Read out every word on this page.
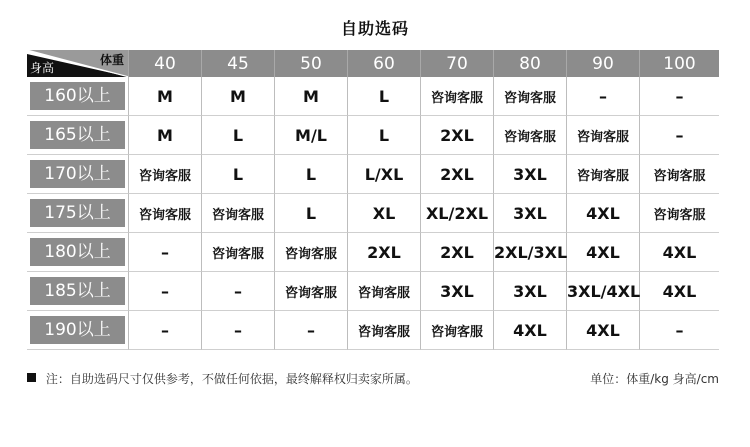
自助选码
体重
身高	40	45	50	60	70	80	90	100

160以上	M	M	M	L	咨询客服	咨询客服	–	–

165以上	M	L	M/L	L	2XL	咨询客服	咨询客服	–

170以上	咨询客服	L	L	L/XL	2XL	3XL	咨询客服	咨询客服

175以上	咨询客服	咨询客服	L	XL	XL/2XL	3XL	4XL	咨询客服

180以上	–	咨询客服	咨询客服	2XL	2XL	2XL/3XL	4XL	4XL

185以上	–	–	咨询客服	咨询客服	3XL	3XL	3XL/4XL	4XL

190以上	–	–	–	咨询客服	咨询客服	4XL	4XL	–
注：自助选码尺寸仅供参考，不做任何依据，最终解释权归卖家所属。	单位：体重/kg 身高/cm
